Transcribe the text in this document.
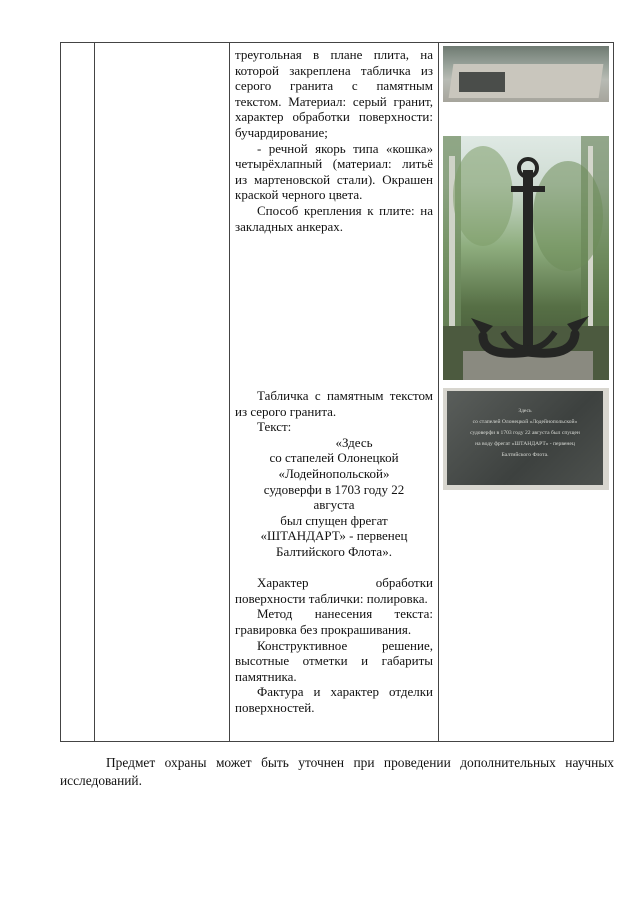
треугольная в плане плита, на которой закреплена табличка из серого гранита с памятным текстом. Материал: серый гранит, характер обработки поверхности: бучардирование;

- речной якорь типа «кошка» четырёхлапный (материал: литьё из мартеновской стали). Окрашен краской черного цвета.

Способ крепления к плите: на закладных анкерах.

Табличка с памятным текстом из серого гранита.

Текст:

«Здесь

со стапелей Олонецкой

«Лодейнопольской»

судоверфи в 1703 году 22

августа

был спущен фрегат

«ШТАНДАРТ» - первенец

Балтийского Флота».

Характер обработки поверхности таблички: полировка.

Метод нанесения текста: гравировка без прокрашивания.

Конструктивное решение, высотные отметки и габариты памятника.

Фактура и характер отделки поверхностей.

Здесь
со стапелей Олонецкой «Лодейнопольской»
судоверфи в 1703 году 22 августа был спущен
на воду фрегат «ШТАНДАРТ» - первенец
Балтийского Флота.

Предмет охраны может быть уточнен при проведении дополнительных научных исследований.
